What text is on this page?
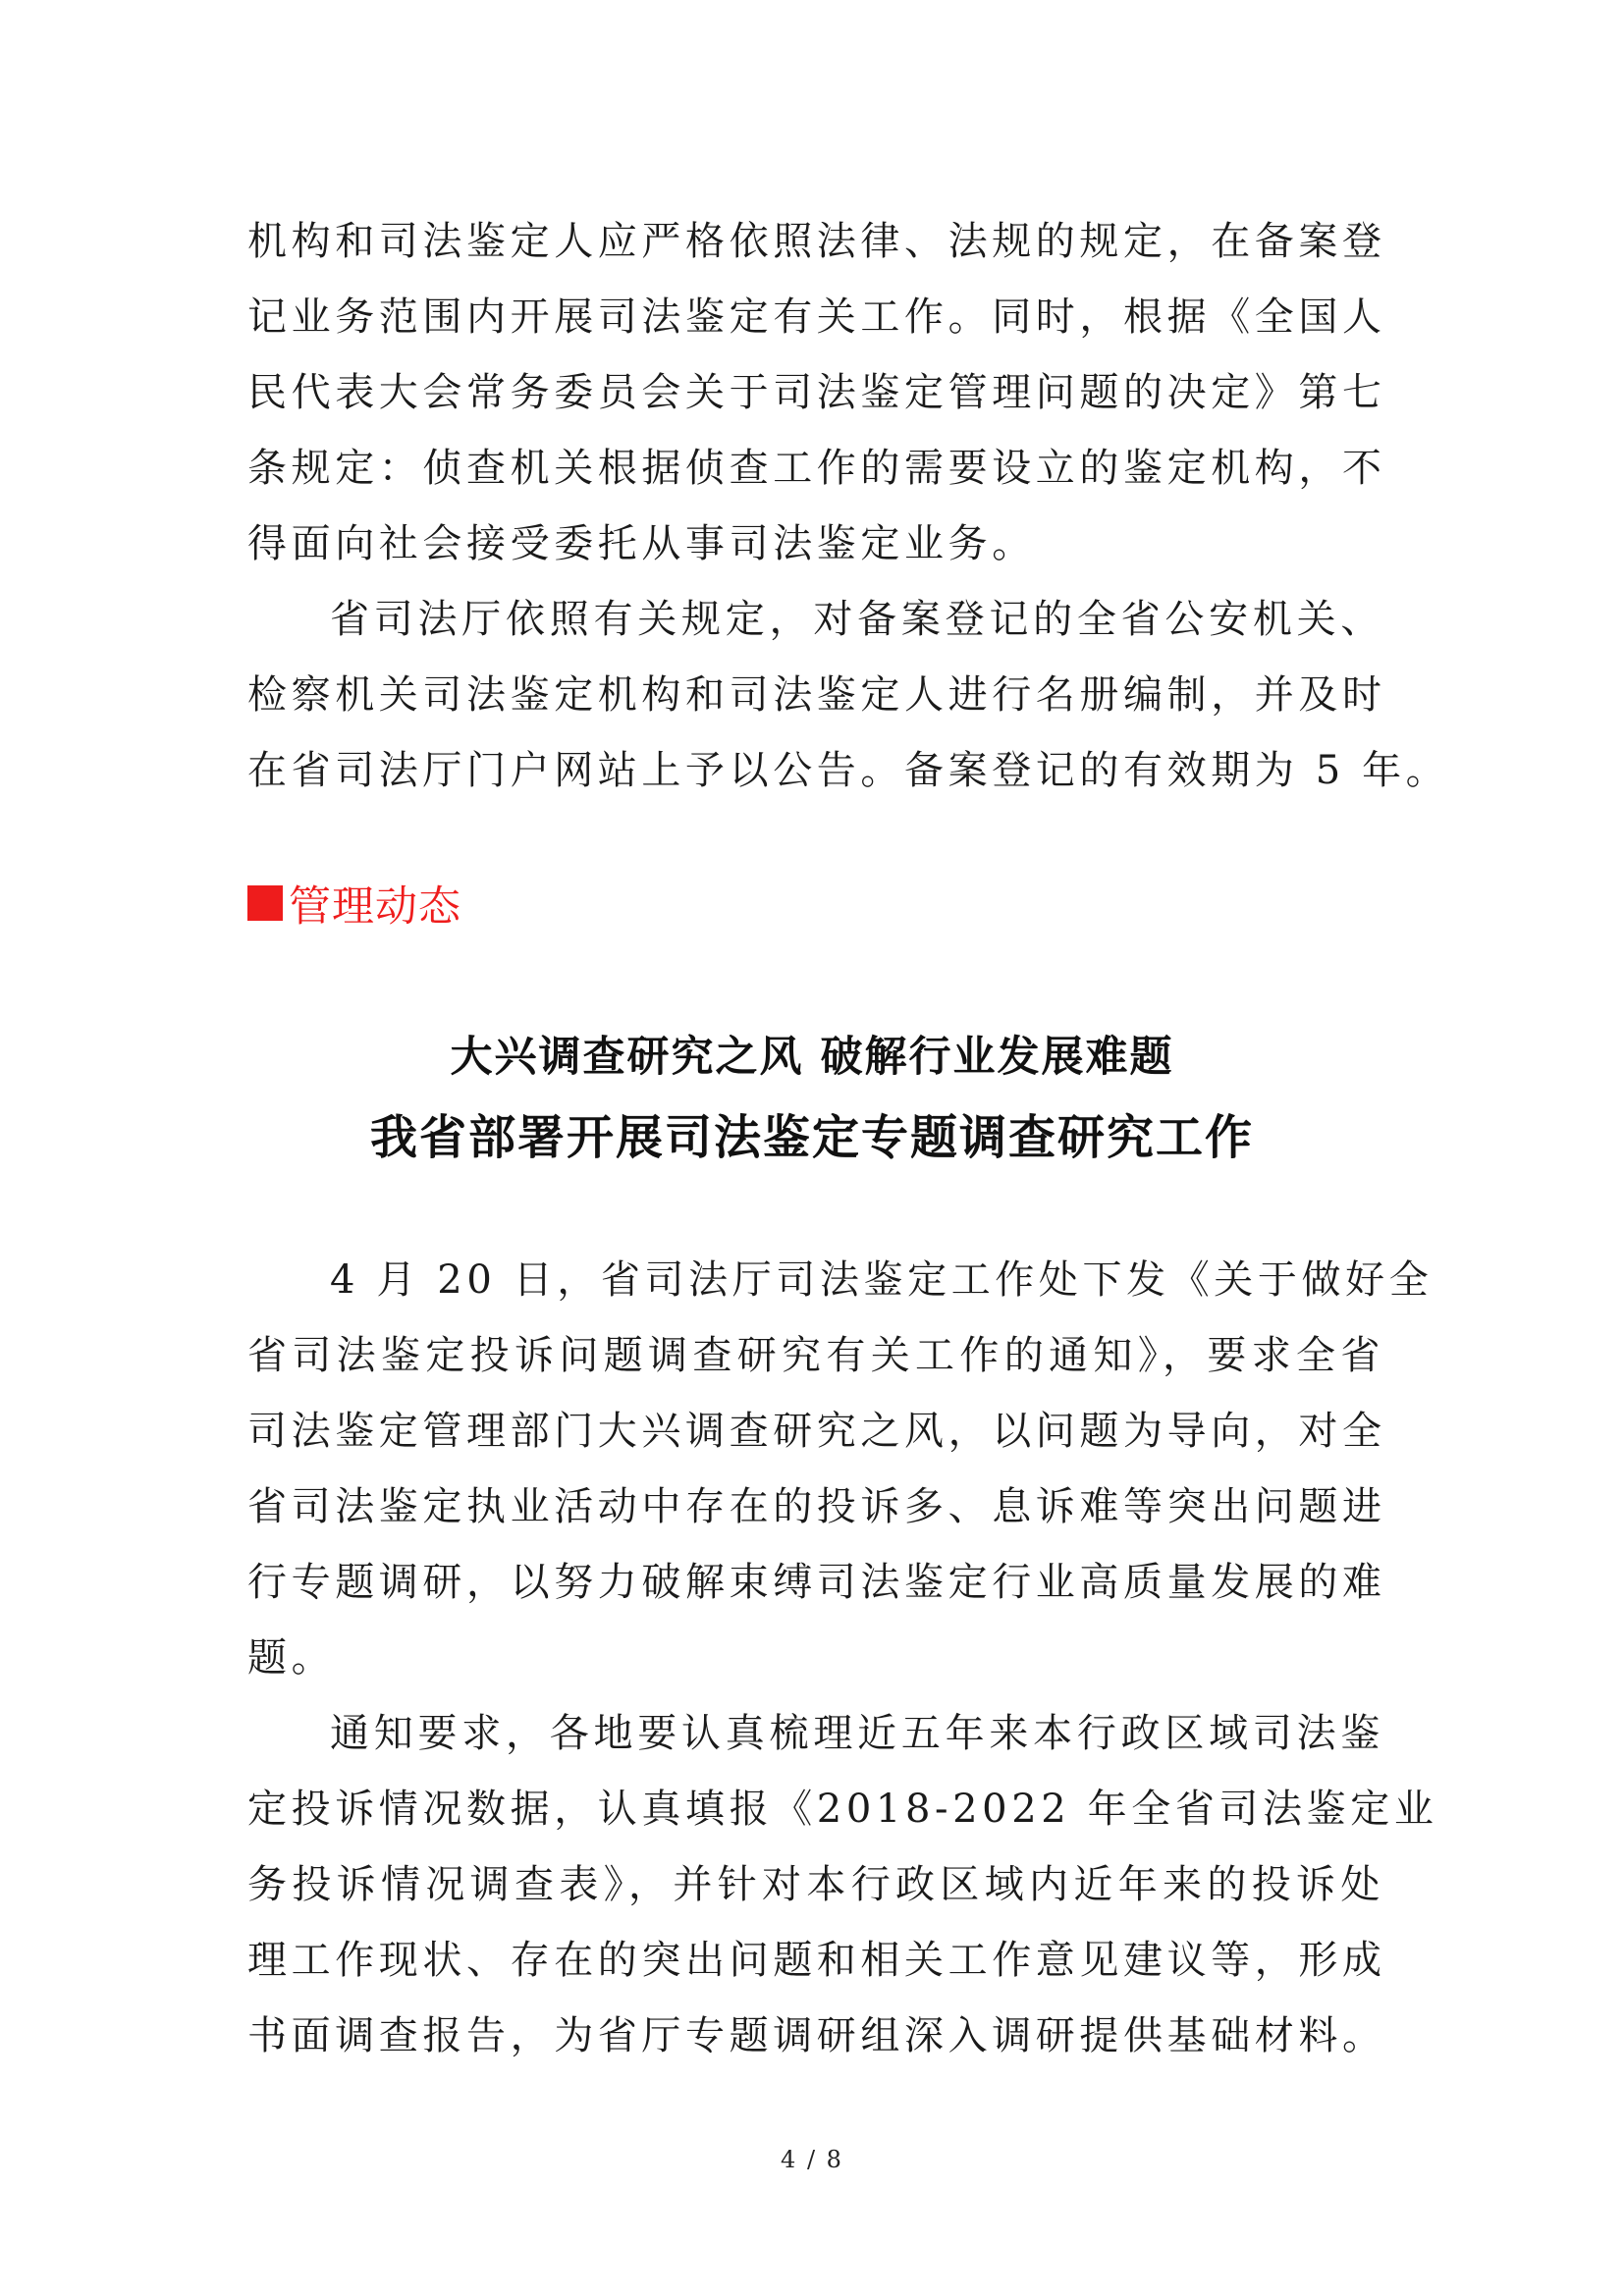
机构和司法鉴定人应严格依照法律、法规的规定，在备案登
记业务范围内开展司法鉴定有关工作。同时，根据《全国人
民代表大会常务委员会关于司法鉴定管理问题的决定》第七
条规定：侦查机关根据侦查工作的需要设立的鉴定机构，不
得面向社会接受委托从事司法鉴定业务。
省司法厅依照有关规定，对备案登记的全省公安机关、
检察机关司法鉴定机构和司法鉴定人进行名册编制，并及时
在省司法厅门户网站上予以公告。备案登记的有效期为 5 年。
管理动态
大兴调查研究之风 破解行业发展难题
我省部署开展司法鉴定专题调查研究工作
4 月 20 日，省司法厅司法鉴定工作处下发《关于做好全
省司法鉴定投诉问题调查研究有关工作的通知》，要求全省
司法鉴定管理部门大兴调查研究之风，以问题为导向，对全
省司法鉴定执业活动中存在的投诉多、息诉难等突出问题进
行专题调研，以努力破解束缚司法鉴定行业高质量发展的难
题。
通知要求，各地要认真梳理近五年来本行政区域司法鉴
定投诉情况数据，认真填报《2018-2022 年全省司法鉴定业
务投诉情况调查表》，并针对本行政区域内近年来的投诉处
理工作现状、存在的突出问题和相关工作意见建议等，形成
书面调查报告，为省厅专题调研组深入调研提供基础材料。
4 / 8
